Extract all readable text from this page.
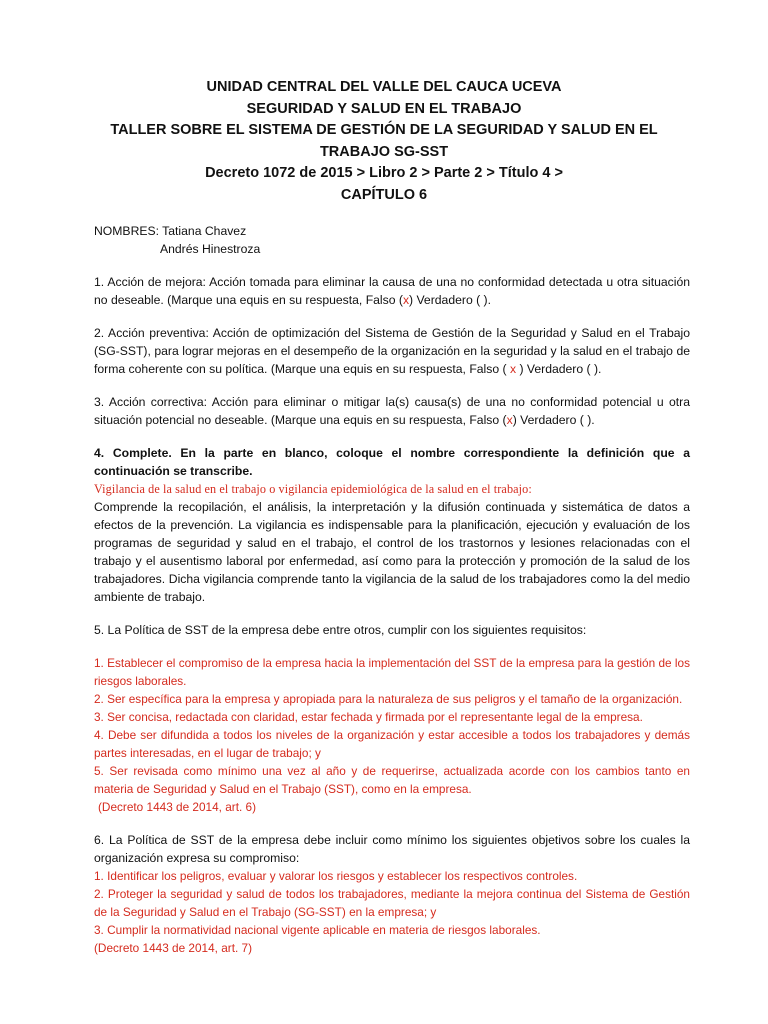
UNIDAD CENTRAL DEL VALLE DEL CAUCA UCEVA
SEGURIDAD Y SALUD EN EL TRABAJO
TALLER SOBRE EL SISTEMA DE GESTIÓN DE LA SEGURIDAD Y SALUD EN EL
TRABAJO SG-SST
Decreto 1072 de 2015 > Libro 2 > Parte 2 > Título 4 >
CAPÍTULO 6

NOMBRES: Tatiana Chavez

Andrés Hinestroza

1. Acción de mejora: Acción tomada para eliminar la causa de una no conformidad detectada u otra situación no deseable. (Marque una equis en su respuesta, Falso (x) Verdadero ( ).

2. Acción preventiva: Acción de optimización del Sistema de Gestión de la Seguridad y Salud en el Trabajo (SG-SST), para lograr mejoras en el desempeño de la organización en la seguridad y la salud en el trabajo de forma coherente con su política. (Marque una equis en su respuesta, Falso ( x ) Verdadero ( ).

3. Acción correctiva: Acción para eliminar o mitigar la(s) causa(s) de una no conformidad potencial u otra situación potencial no deseable. (Marque una equis en su respuesta, Falso (x) Verdadero ( ).

4. Complete. En la parte en blanco, coloque el nombre correspondiente la definición que a continuación se transcribe.

Vigilancia de la salud en el trabajo o vigilancia epidemiológica de la salud en el trabajo:

Comprende la recopilación, el análisis, la interpretación y la difusión continuada y sistemática de datos a efectos de la prevención. La vigilancia es indispensable para la planificación, ejecución y evaluación de los programas de seguridad y salud en el trabajo, el control de los trastornos y lesiones relacionadas con el trabajo y el ausentismo laboral por enfermedad, así como para la protección y promoción de la salud de los trabajadores. Dicha vigilancia comprende tanto la vigilancia de la salud de los trabajadores como la del medio ambiente de trabajo.

5. La Política de SST de la empresa debe entre otros, cumplir con los siguientes requisitos:

1. Establecer el compromiso de la empresa hacia la implementación del SST de la empresa para la gestión de los riesgos laborales.

2. Ser específica para la empresa y apropiada para la naturaleza de sus peligros y el tamaño de la organización.

3. Ser concisa, redactada con claridad, estar fechada y firmada por el representante legal de la empresa.

4. Debe ser difundida a todos los niveles de la organización y estar accesible a todos los trabajadores y demás partes interesadas, en el lugar de trabajo; y

5. Ser revisada como mínimo una vez al año y de requerirse, actualizada acorde con los cambios tanto en materia de Seguridad y Salud en el Trabajo (SST), como en la empresa.

(Decreto 1443 de 2014, art. 6)

6. La Política de SST de la empresa debe incluir como mínimo los siguientes objetivos sobre los cuales la organización expresa su compromiso:

1. Identificar los peligros, evaluar y valorar los riesgos y establecer los respectivos controles.

2. Proteger la seguridad y salud de todos los trabajadores, mediante la mejora continua del Sistema de Gestión de la Seguridad y Salud en el Trabajo (SG-SST) en la empresa; y

3. Cumplir la normatividad nacional vigente aplicable en materia de riesgos laborales.

(Decreto 1443 de 2014, art. 7)
